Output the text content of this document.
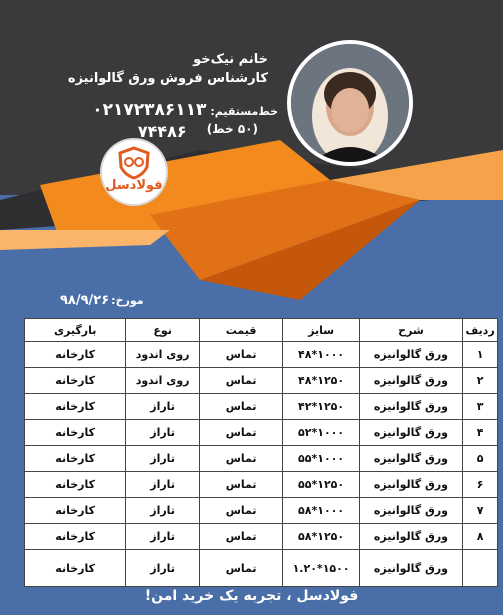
خانم نیک‌خو

کارشناس فروش ورق گالوانیزه

خط‌مستقیم:
۰۲۱۷۲۳۸۶۱۱۳
(۵۰ خط)
۷۴۴۸۶
فولادسل
مورخ:
۹۸/۹/۲۶
ردیف	شرح	سایز	قیمت	نوع	بارگیری
۱	ورق گالوانیزه	۱۰۰۰*۴۸	تماس	روی اندود	کارخانه
۲	ورق گالوانیزه	۱۲۵۰*۴۸	تماس	روی اندود	کارخانه
۳	ورق گالوانیزه	۱۲۵۰*۴۲	تماس	تاراز	کارخانه
۴	ورق گالوانیزه	۱۰۰۰*۵۲	تماس	تاراز	کارخانه
۵	ورق گالوانیزه	۱۰۰۰*۵۵	تماس	تاراز	کارخانه
۶	ورق گالوانیزه	۱۲۵۰*۵۵	تماس	تاراز	کارخانه
۷	ورق گالوانیزه	۱۰۰۰*۵۸	تماس	تاراز	کارخانه
۸	ورق گالوانیزه	۱۲۵۰*۵۸	تماس	تاراز	کارخانه
	ورق گالوانیزه	۱۵۰۰*۱.۲۰	تماس	تاراز	کارخانه
فولادسل ، تجربه یک خرید امن!
